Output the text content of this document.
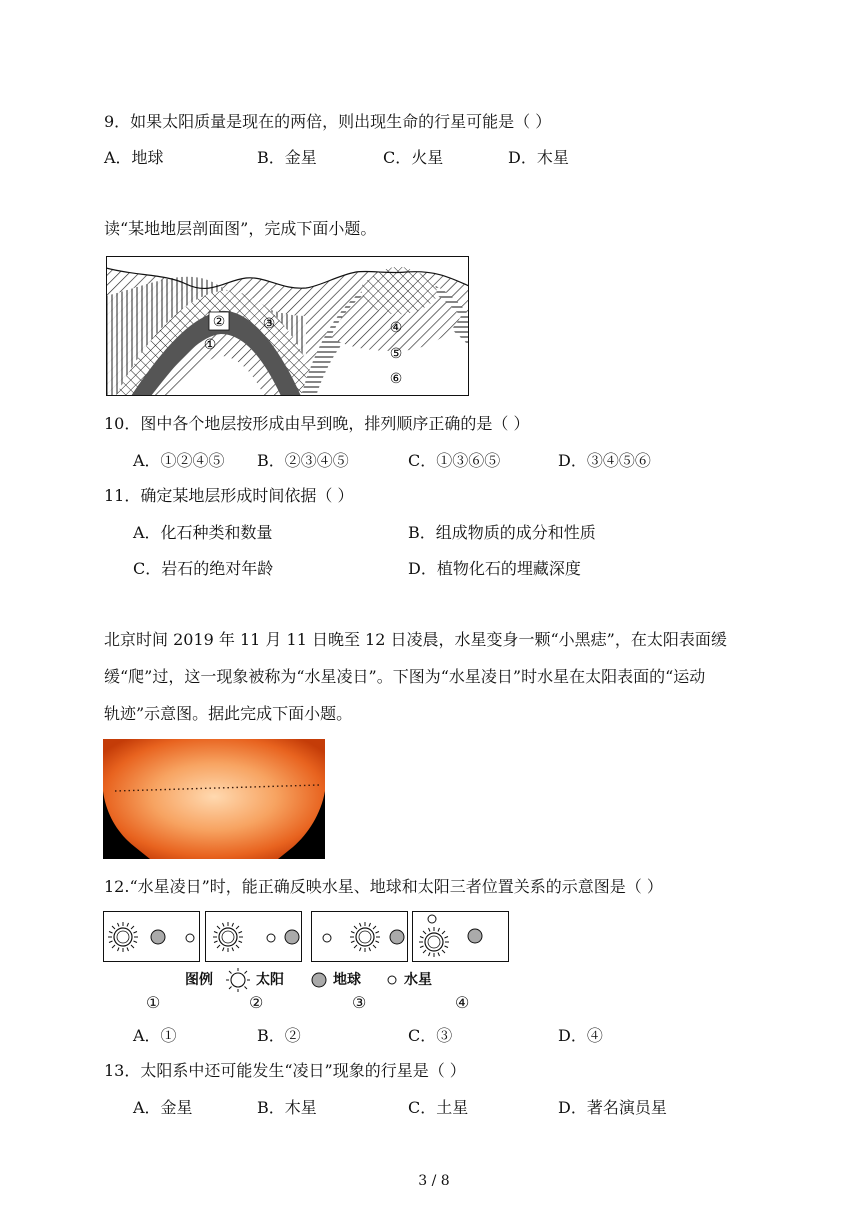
9．如果太阳质量是现在的两倍，则出现生命的行星可能是（ ）
A．地球	B．金星	C．火星	D．木星
读“某地地层剖面图”，完成下面小题。
②
①
③	④
⑤
⑥
10．图中各个地层按形成由早到晚，排列顺序正确的是（ ）
A．①②④⑤ B．②③④⑤	C．①③⑥⑤	D．③④⑤⑥
11．确定某地层形成时间依据（ ）
A．化石种类和数量	B．组成物质的成分和性质
C．岩石的绝对年龄	D．植物化石的埋藏深度
北京时间 2019 年 11 月 11 日晚至 12 日凌晨，水星变身一颗“小黑痣”，在太阳表面缓
缓“爬”过，这一现象被称为“水星凌日”。下图为“水星凌日”时水星在太阳表面的“运动
轨迹”示意图。据此完成下面小题。
12.“水星凌日”时，能正确反映水星、地球和太阳三者位置关系的示意图是（ ）
图例	太阳	地球	水星
①	②	③	④
A．①	B．②	C．③	D．④
13．太阳系中还可能发生“凌日”现象的行星是（ ）
A．金星	B．木星	C．土星	D．著名演员星
3 / 8
